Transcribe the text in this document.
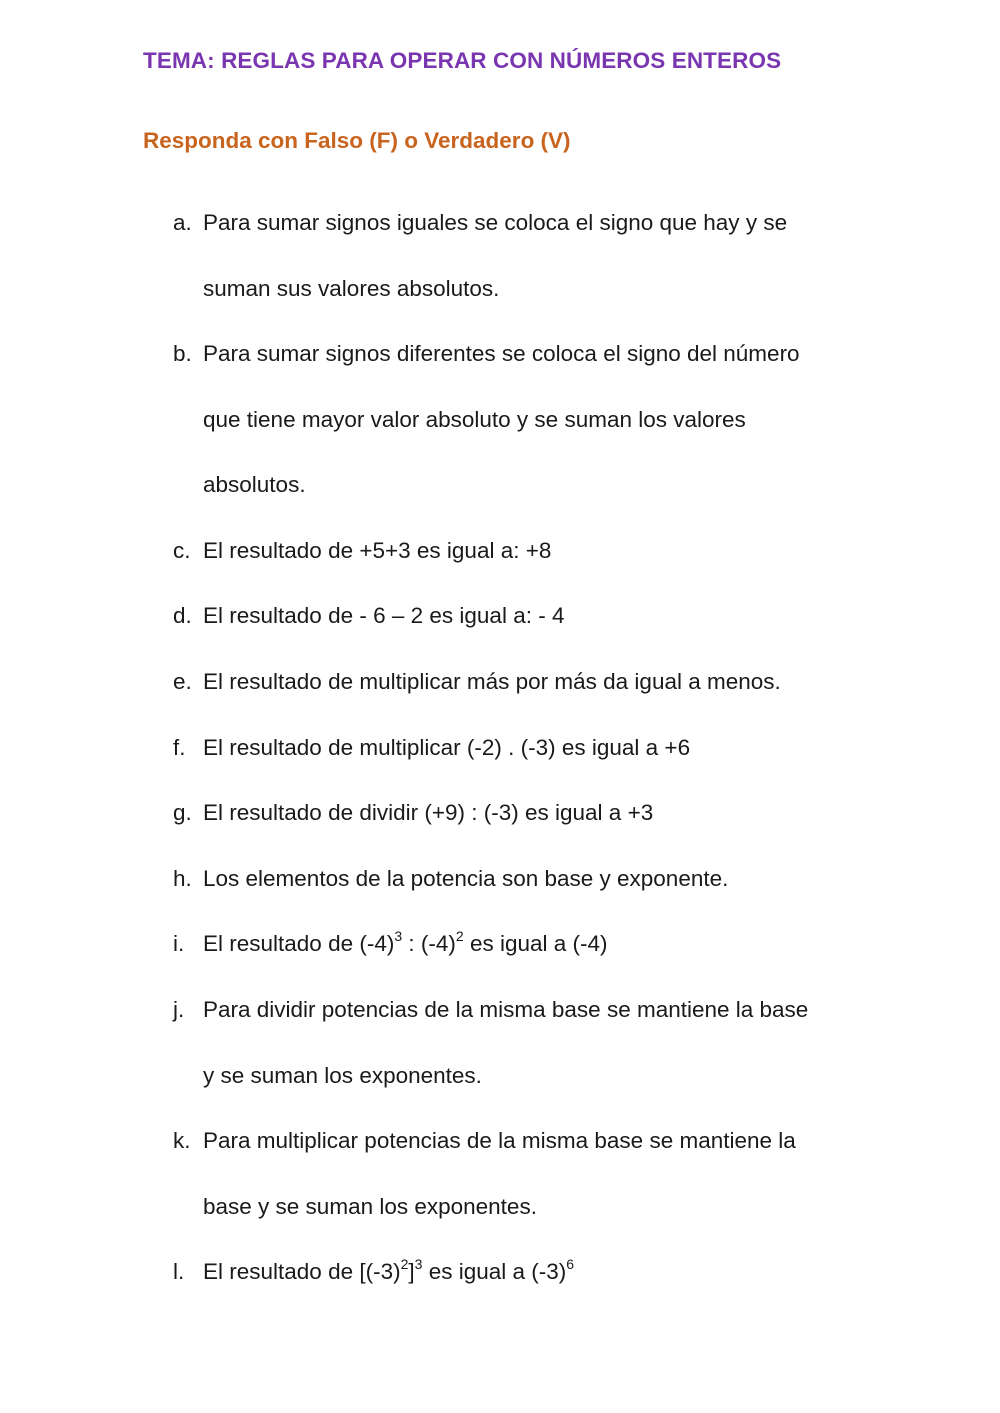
TEMA: REGLAS PARA OPERAR CON NÚMEROS ENTEROS
Responda con Falso (F) o Verdadero (V)
a. Para sumar signos iguales se coloca el signo que hay y se
suman sus valores absolutos.
b. Para sumar signos diferentes se coloca el signo del número
que tiene mayor valor absoluto y se suman los valores
absolutos.
c. El resultado de +5+3 es igual a: +8
d. El resultado de - 6 – 2 es igual a: - 4
e. El resultado de multiplicar más por más da igual a menos.
f. El resultado de multiplicar (-2) . (-3) es igual a +6
g. El resultado de dividir (+9) : (-3) es igual a +3
h. Los elementos de la potencia son base y exponente.
i. El resultado de $(-4)^3$ : $(-4)^2$ es igual a (-4)
j. Para dividir potencias de la misma base se mantiene la base
y se suman los exponentes.
k. Para multiplicar potencias de la misma base se mantiene la
base y se suman los exponentes.
l. El resultado de $[(-3)^2]^3$ es igual a $(-3)^6$
